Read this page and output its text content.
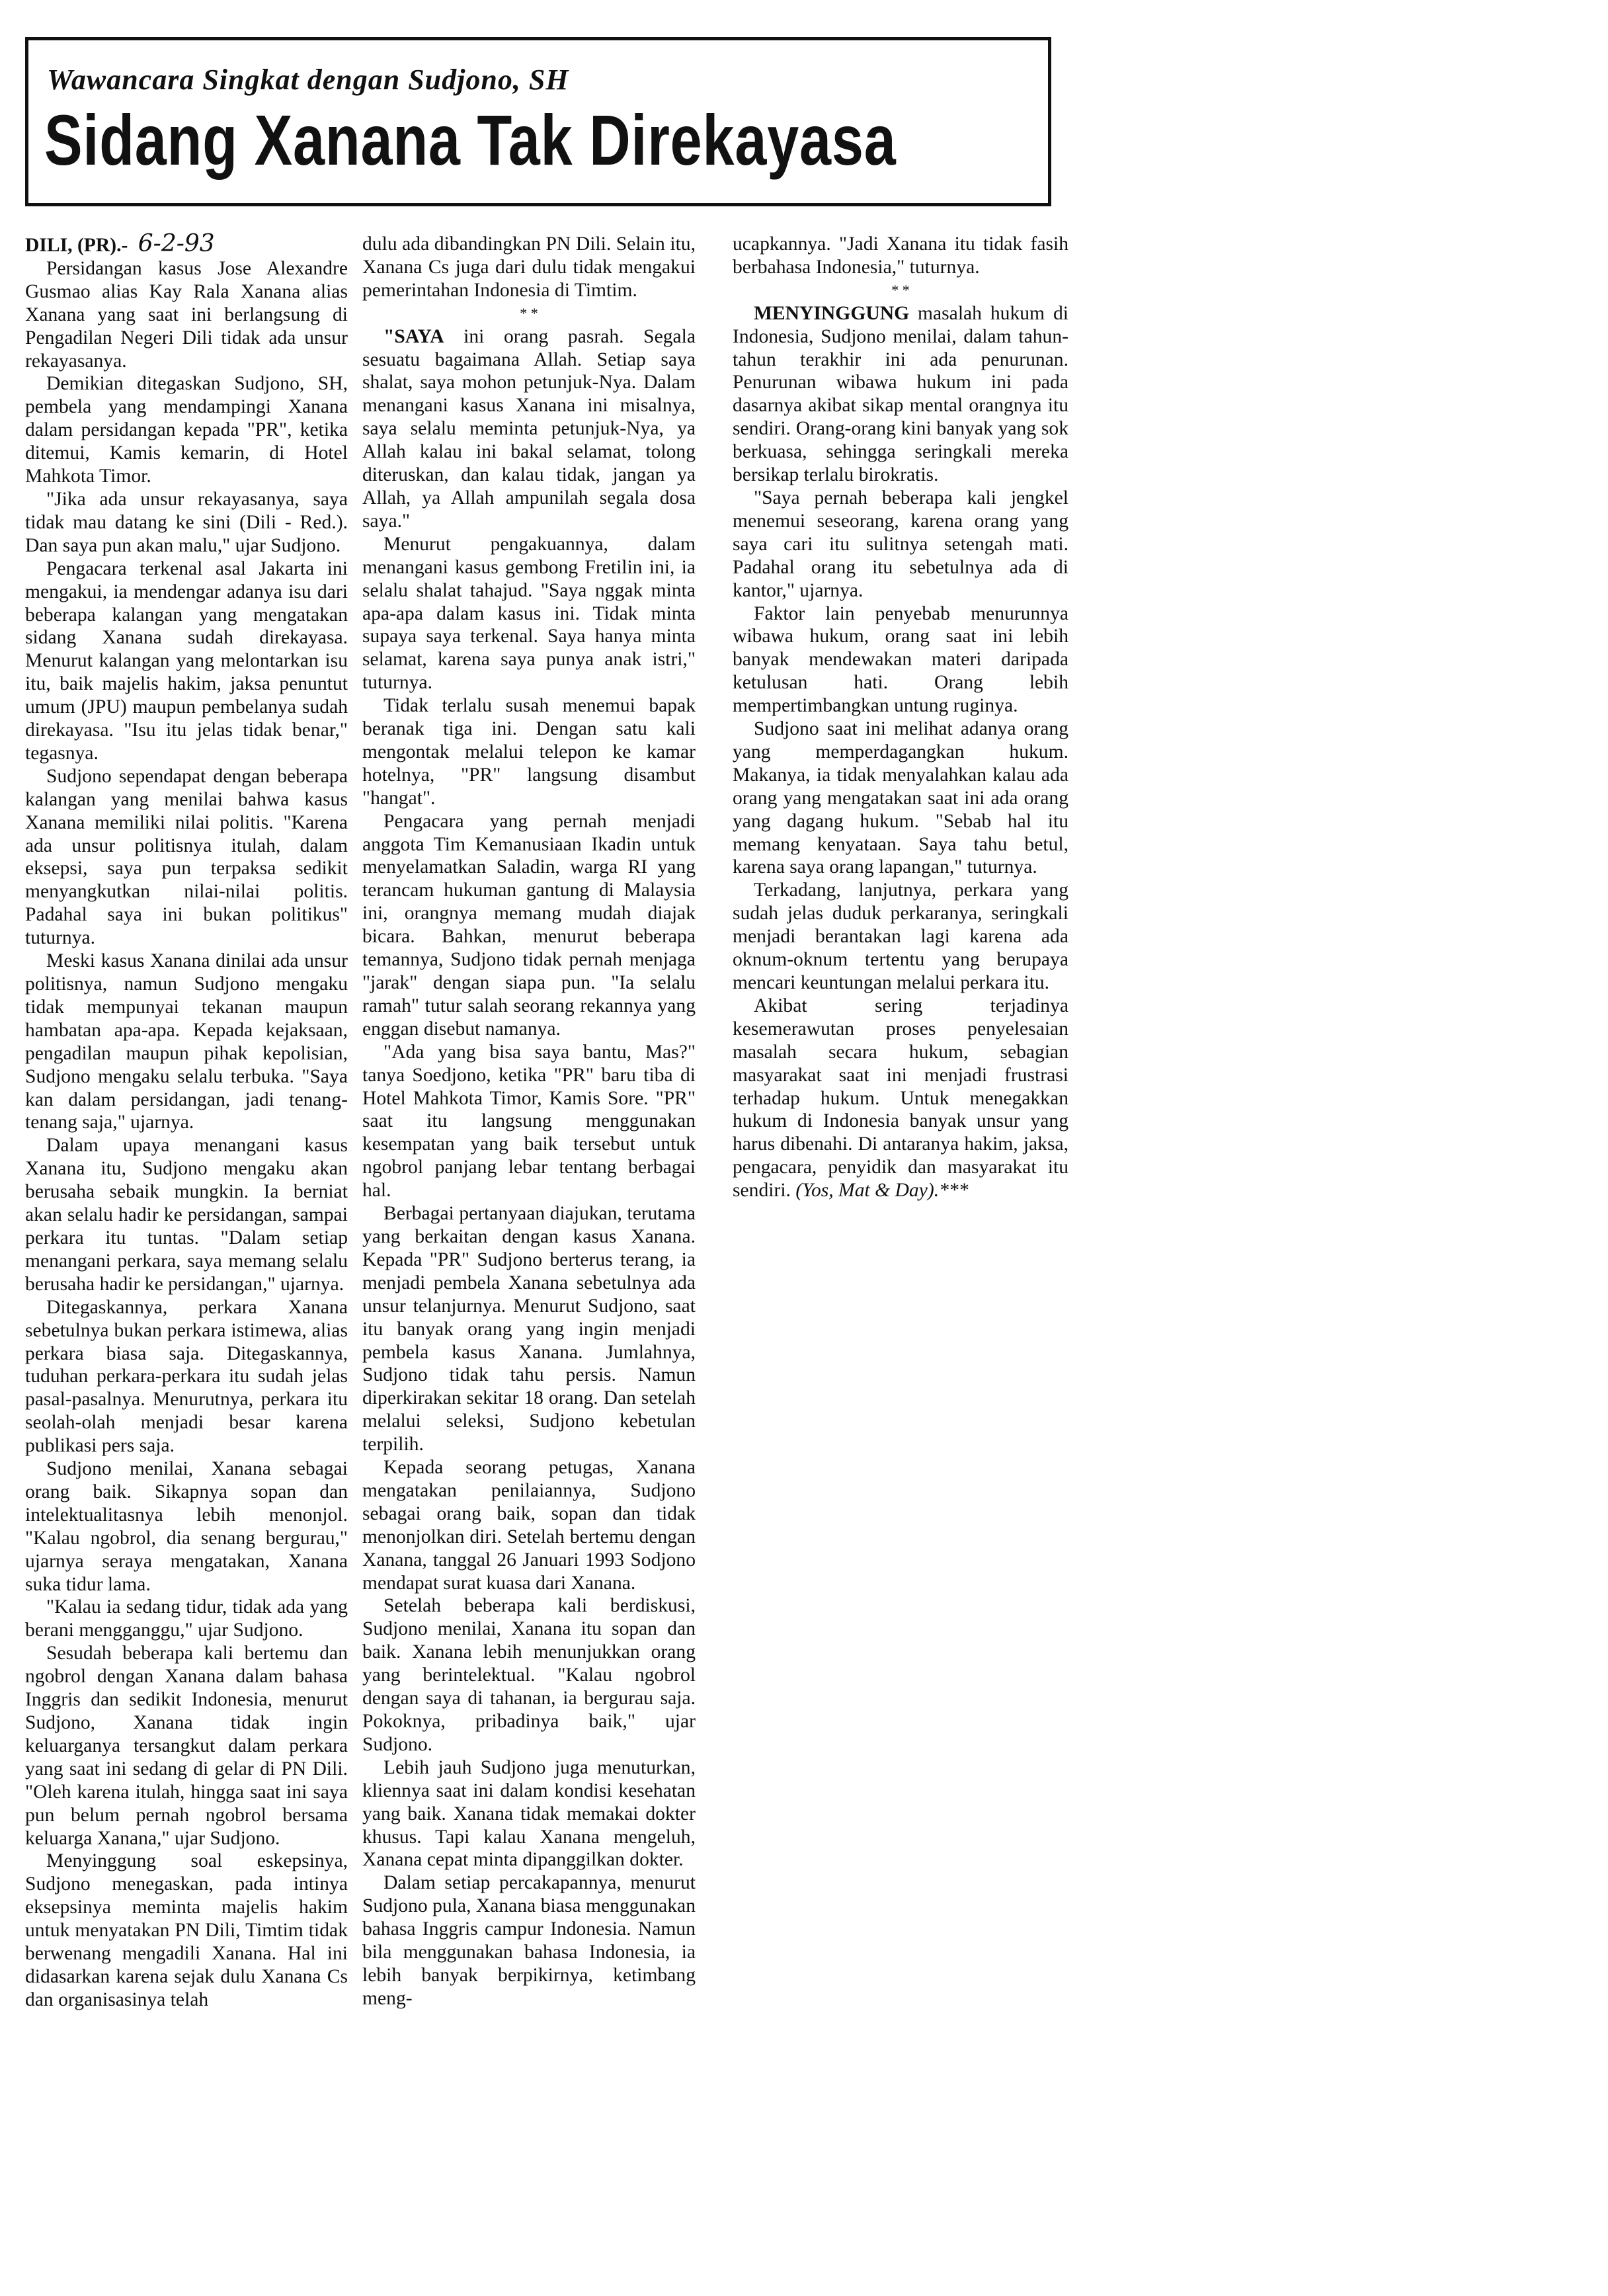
Wawancara Singkat dengan Sudjono, SH
Sidang Xanana Tak Direkayasa
DILI, (PR).- 6-2-93

Persidangan kasus Jose Alexandre Gusmao alias Kay Rala Xanana alias Xanana yang saat ini berlangsung di Pengadilan Negeri Dili tidak ada unsur rekayasanya.

Demikian ditegaskan Sudjono, SH, pembela yang mendampingi Xanana dalam persidangan kepada "PR", ketika ditemui, Kamis kemarin, di Hotel Mahkota Timor.

"Jika ada unsur rekayasanya, saya tidak mau datang ke sini (Dili - Red.). Dan saya pun akan malu," ujar Sudjono.

Pengacara terkenal asal Jakarta ini mengakui, ia mendengar adanya isu dari beberapa kalangan yang mengatakan sidang Xanana sudah direkayasa. Menurut kalangan yang melontarkan isu itu, baik majelis hakim, jaksa penuntut umum (JPU) maupun pembelanya sudah direkayasa. "Isu itu jelas tidak benar," tegasnya.

Sudjono sependapat dengan beberapa kalangan yang menilai bahwa kasus Xanana memiliki nilai politis. "Karena ada unsur politisnya itulah, dalam eksepsi, saya pun terpaksa sedikit menyangkutkan nilai-nilai politis. Padahal saya ini bukan politikus" tuturnya.

Meski kasus Xanana dinilai ada unsur politisnya, namun Sudjono mengaku tidak mempunyai tekanan maupun hambatan apa-apa. Kepada kejaksaan, pengadilan maupun pihak kepolisian, Sudjono mengaku selalu terbuka. "Saya kan dalam persidangan, jadi tenang-tenang saja," ujarnya.

Dalam upaya menangani kasus Xanana itu, Sudjono mengaku akan berusaha sebaik mungkin. Ia berniat akan selalu hadir ke persidangan, sampai perkara itu tuntas. "Dalam setiap menangani perkara, saya memang selalu berusaha hadir ke persidangan," ujarnya.

Ditegaskannya, perkara Xanana sebetulnya bukan perkara istimewa, alias perkara biasa saja. Ditegaskannya, tuduhan perkara-perkara itu sudah jelas pasal-pasalnya. Menurutnya, perkara itu seolah-olah menjadi besar karena publikasi pers saja.

Sudjono menilai, Xanana sebagai orang baik. Sikapnya sopan dan intelektualitasnya lebih menonjol. "Kalau ngobrol, dia senang bergurau," ujarnya seraya mengatakan, Xanana suka tidur lama.

"Kalau ia sedang tidur, tidak ada yang berani mengganggu," ujar Sudjono.

Sesudah beberapa kali bertemu dan ngobrol dengan Xanana dalam bahasa Inggris dan sedikit Indonesia, menurut Sudjono, Xanana tidak ingin keluarganya tersangkut dalam perkara yang saat ini sedang di gelar di PN Dili. "Oleh karena itulah, hingga saat ini saya pun belum pernah ngobrol bersama keluarga Xanana," ujar Sudjono.

Menyinggung soal eskepsinya, Sudjono menegaskan, pada intinya eksepsinya meminta majelis hakim untuk menyatakan PN Dili, Timtim tidak berwenang mengadili Xanana. Hal ini didasarkan karena sejak dulu Xanana Cs dan organisasinya telah

dulu ada dibandingkan PN Dili. Selain itu, Xanana Cs juga dari dulu tidak mengakui pemerintahan Indonesia di Timtim.

* *

"SAYA ini orang pasrah. Segala sesuatu bagaimana Allah. Setiap saya shalat, saya mohon petunjuk-Nya. Dalam menangani kasus Xanana ini misalnya, saya selalu meminta petunjuk-Nya, ya Allah kalau ini bakal selamat, tolong diteruskan, dan kalau tidak, jangan ya Allah, ya Allah ampunilah segala dosa saya."

Menurut pengakuannya, dalam menangani kasus gembong Fretilin ini, ia selalu shalat tahajud. "Saya nggak minta apa-apa dalam kasus ini. Tidak minta supaya saya terkenal. Saya hanya minta selamat, karena saya punya anak istri," tuturnya.

Tidak terlalu susah menemui bapak beranak tiga ini. Dengan satu kali mengontak melalui telepon ke kamar hotelnya, "PR" langsung disambut "hangat".

Pengacara yang pernah menjadi anggota Tim Kemanusiaan Ikadin untuk menyelamatkan Saladin, warga RI yang terancam hukuman gantung di Malaysia ini, orangnya memang mudah diajak bicara. Bahkan, menurut beberapa temannya, Sudjono tidak pernah menjaga "jarak" dengan siapa pun. "Ia selalu ramah" tutur salah seorang rekannya yang enggan disebut namanya.

"Ada yang bisa saya bantu, Mas?" tanya Soedjono, ketika "PR" baru tiba di Hotel Mahkota Timor, Kamis Sore. "PR" saat itu langsung menggunakan kesempatan yang baik tersebut untuk ngobrol panjang lebar tentang berbagai hal.

Berbagai pertanyaan diajukan, terutama yang berkaitan dengan kasus Xanana. Kepada "PR" Sudjono berterus terang, ia menjadi pembela Xanana sebetulnya ada unsur telanjurnya. Menurut Sudjono, saat itu banyak orang yang ingin menjadi pembela kasus Xanana. Jumlahnya, Sudjono tidak tahu persis. Namun diperkirakan sekitar 18 orang. Dan setelah melalui seleksi, Sudjono kebetulan terpilih.

Kepada seorang petugas, Xanana mengatakan penilaiannya, Sudjono sebagai orang baik, sopan dan tidak menonjolkan diri. Setelah bertemu dengan Xanana, tanggal 26 Januari 1993 Sodjono mendapat surat kuasa dari Xanana.

Setelah beberapa kali berdiskusi, Sudjono menilai, Xanana itu sopan dan baik. Xanana lebih menunjukkan orang yang berintelektual. "Kalau ngobrol dengan saya di tahanan, ia bergurau saja. Pokoknya, pribadinya baik," ujar Sudjono.

Lebih jauh Sudjono juga menuturkan, kliennya saat ini dalam kondisi kesehatan yang baik. Xanana tidak memakai dokter khusus. Tapi kalau Xanana mengeluh, Xanana cepat minta dipanggilkan dokter.

Dalam setiap percakapannya, menurut Sudjono pula, Xanana biasa menggunakan bahasa Inggris campur Indonesia. Namun bila menggunakan bahasa Indonesia, ia lebih banyak berpikirnya, ketimbang meng-

ucapkannya. "Jadi Xanana itu tidak fasih berbahasa Indonesia," tuturnya.

* *

MENYINGGUNG masalah hukum di Indonesia, Sudjono menilai, dalam tahun-tahun terakhir ini ada penurunan. Penurunan wibawa hukum ini pada dasarnya akibat sikap mental orangnya itu sendiri. Orang-orang kini banyak yang sok berkuasa, sehingga seringkali mereka bersikap terlalu birokratis.

"Saya pernah beberapa kali jengkel menemui seseorang, karena orang yang saya cari itu sulitnya setengah mati. Padahal orang itu sebetulnya ada di kantor," ujarnya.

Faktor lain penyebab menurunnya wibawa hukum, orang saat ini lebih banyak mendewakan materi daripada ketulusan hati. Orang lebih mempertimbangkan untung ruginya.

Sudjono saat ini melihat adanya orang yang memperdagangkan hukum. Makanya, ia tidak menyalahkan kalau ada orang yang mengatakan saat ini ada orang yang dagang hukum. "Sebab hal itu memang kenyataan. Saya tahu betul, karena saya orang lapangan," tuturnya.

Terkadang, lanjutnya, perkara yang sudah jelas duduk perkaranya, seringkali menjadi berantakan lagi karena ada oknum-oknum tertentu yang berupaya mencari keuntungan melalui perkara itu.

Akibat sering terjadinya kesemerawutan proses penyelesaian masalah secara hukum, sebagian masyarakat saat ini menjadi frustrasi terhadap hukum. Untuk menegakkan hukum di Indonesia banyak unsur yang harus dibenahi. Di antaranya hakim, jaksa, pengacara, penyidik dan masyarakat itu sendiri. (Yos, Mat & Day).***
